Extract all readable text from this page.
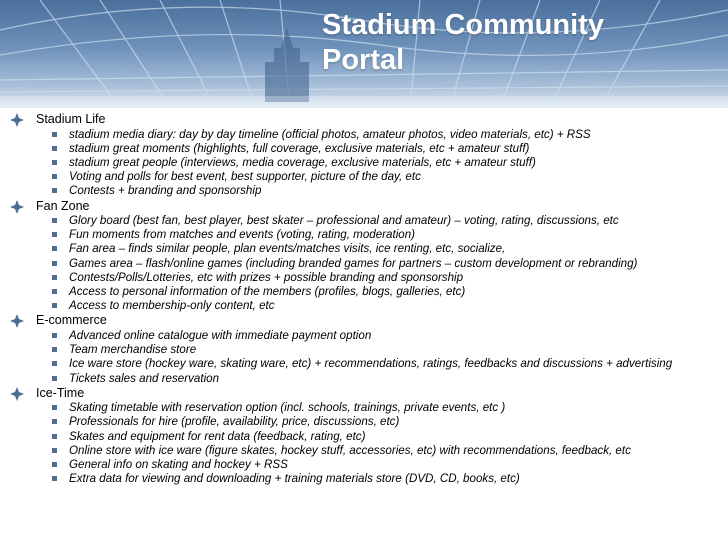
Stadium Community
Portal
Stadium Life
stadium media diary: day by day timeline (official photos, amateur photos, video materials, etc) + RSS
stadium great moments (highlights, full coverage, exclusive materials, etc + amateur stuff)
stadium great people (interviews, media coverage, exclusive materials, etc + amateur stuff)
Voting and polls for best event, best supporter, picture of the day, etc
Contests + branding and sponsorship
Fan Zone
Glory board (best fan, best player, best skater – professional and amateur) – voting, rating, discussions, etc
Fun moments from matches and events (voting, rating, moderation)
Fan area – finds similar people, plan events/matches visits, ice renting, etc, socialize,
Games area – flash/online games (including branded games for partners – custom development or rebranding)
Contests/Polls/Lotteries, etc with prizes + possible branding and sponsorship
Access to personal information of the members (profiles, blogs, galleries, etc)
Access to membership-only content, etc
E-commerce
Advanced online catalogue with immediate payment option
Team merchandise store
Ice ware store (hockey ware, skating ware, etc) + recommendations, ratings, feedbacks and discussions + advertising
Tickets sales and reservation
Ice-Time
Skating timetable with reservation option (incl. schools, trainings, private events, etc )
Professionals for hire (profile, availability, price, discussions, etc)
Skates and equipment for rent data (feedback, rating, etc)
Online store with ice ware (figure skates, hockey stuff, accessories, etc) with recommendations, feedback, etc
General info on skating and hockey + RSS
Extra data for viewing and downloading + training materials store (DVD, CD, books, etc)
